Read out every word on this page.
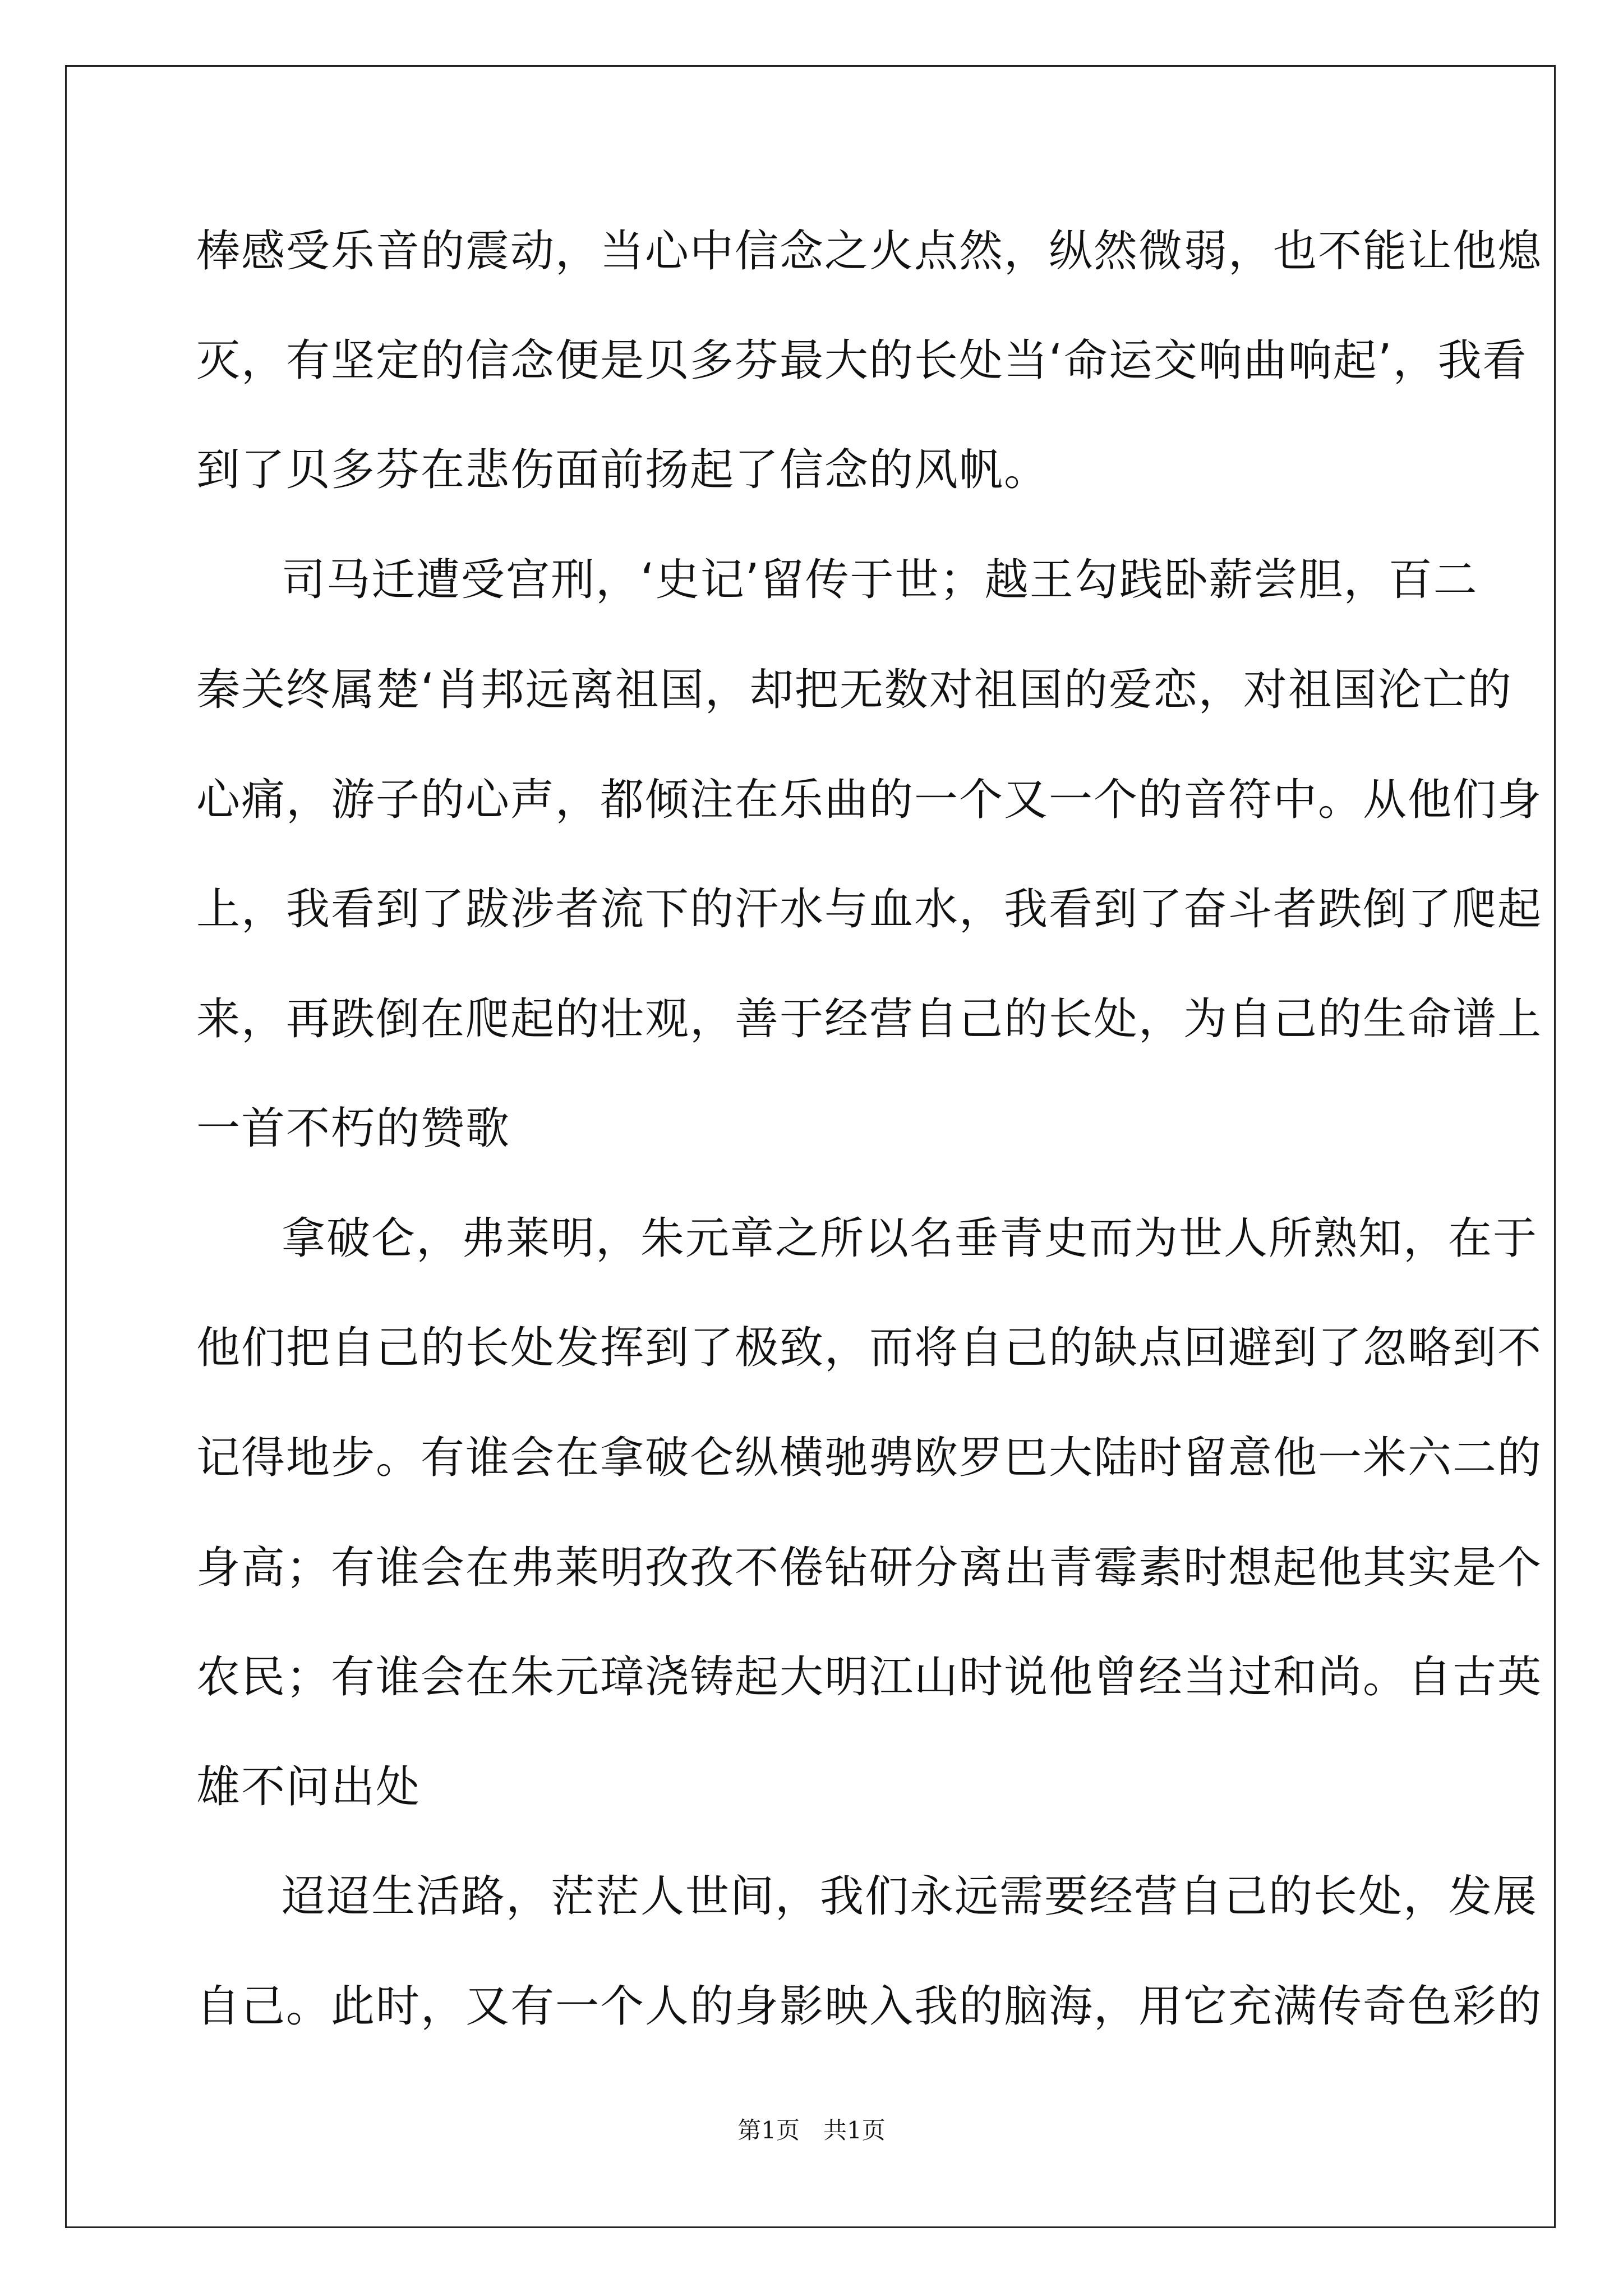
棒感受乐音的震动，当心中信念之火点然，纵然微弱，也不能让他熄
灭，有坚定的信念便是贝多芬最大的长处当‘命运交响曲响起’，我看
到了贝多芬在悲伤面前扬起了信念的风帆。
司马迁遭受宫刑，‘史记’留传于世；越王勾践卧薪尝胆，百二
秦关终属楚‘肖邦远离祖国，却把无数对祖国的爱恋，对祖国沦亡的
心痛，游子的心声，都倾注在乐曲的一个又一个的音符中。从他们身
上，我看到了跋涉者流下的汗水与血水，我看到了奋斗者跌倒了爬起
来，再跌倒在爬起的壮观，善于经营自己的长处，为自己的生命谱上
一首不朽的赞歌
拿破仑，弗莱明，朱元章之所以名垂青史而为世人所熟知，在于
他们把自己的长处发挥到了极致，而将自己的缺点回避到了忽略到不
记得地步。有谁会在拿破仑纵横驰骋欧罗巴大陆时留意他一米六二的
身高；有谁会在弗莱明孜孜不倦钻研分离出青霉素时想起他其实是个
农民；有谁会在朱元璋浇铸起大明江山时说他曾经当过和尚。自古英
雄不问出处
迢迢生活路，茫茫人世间，我们永远需要经营自己的长处，发展
自己。此时，又有一个人的身影映入我的脑海，用它充满传奇色彩的
第1页　共1页
